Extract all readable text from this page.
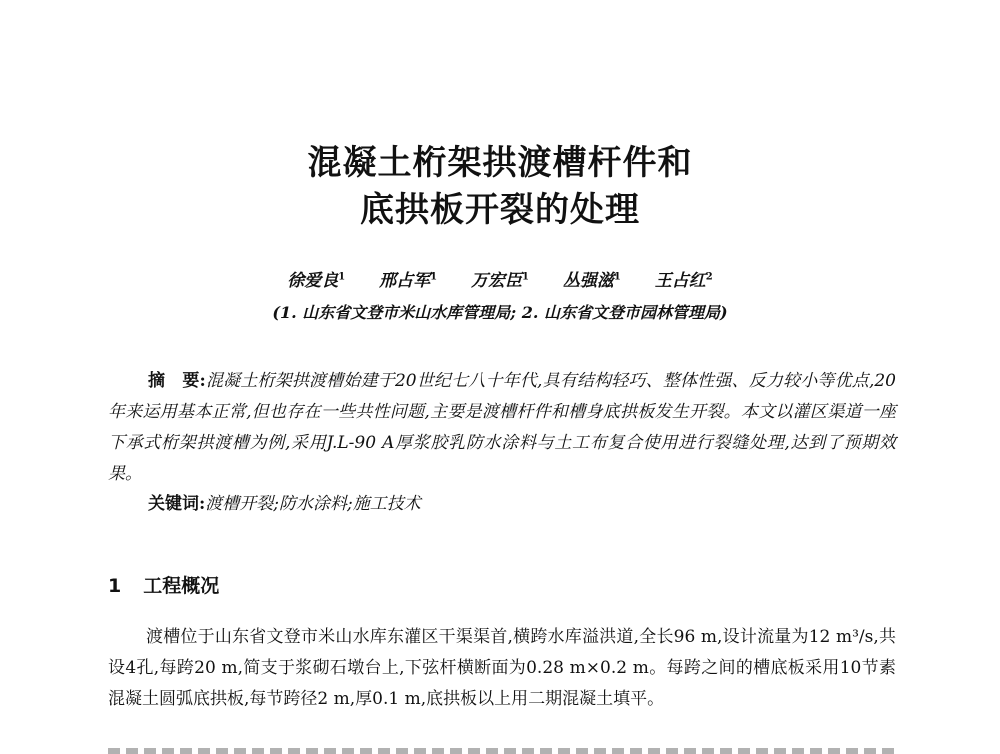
混凝土桁架拱渡槽杆件和
底拱板开裂的处理
徐爱良$^1$ 邢占军$^1$ 万宏臣$^1$ 丛强滋$^1$ 王占红$^2$
(1. 山东省文登市米山水库管理局; 2. 山东省文登市园林管理局)

摘　要:混凝土桁架拱渡槽始建于20世纪七八十年代,具有结构轻巧、整体性强、反力较小等优点,20年来运用基本正常,但也存在一些共性问题,主要是渡槽杆件和槽身底拱板发生开裂。本文以灌区渠道一座下承式桁架拱渡槽为例,采用J.L-90 A厚浆胶乳防水涂料与土工布复合使用进行裂缝处理,达到了预期效果。

关键词:渡槽开裂;防水涂料;施工技术

1 工程概况

渡槽位于山东省文登市米山水库东灌区干渠渠首,横跨水库溢洪道,全长96 m,设计流量为12 m³/s,共设4孔,每跨20 m,简支于浆砌石墩台上,下弦杆横断面为0.28 m×0.2 m。每跨之间的槽底板采用10节素混凝土圆弧底拱板,每节跨径2 m,厚0.1 m,底拱板以上用二期混凝土填平。
